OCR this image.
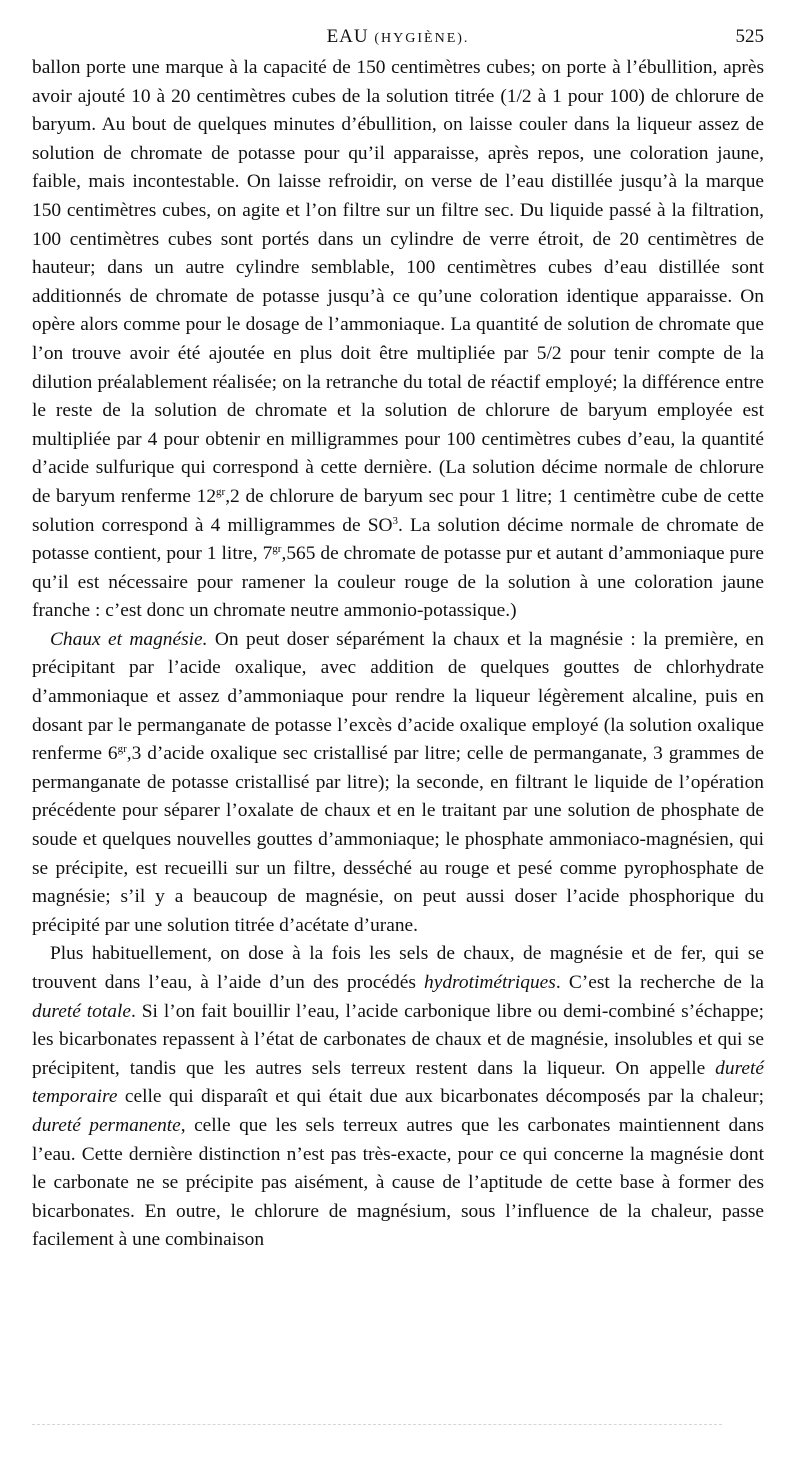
EAU (HYGIÈNE).	525

ballon porte une marque à la capacité de 150 centimètres cubes; on porte à l’ébullition, après avoir ajouté 10 à 20 centimètres cubes de la solution titrée (1/2 à 1 pour 100) de chlorure de baryum. Au bout de quelques minutes d’ébullition, on laisse couler dans la liqueur assez de solution de chromate de potasse pour qu’il apparaisse, après repos, une coloration jaune, faible, mais incontestable. On laisse refroidir, on verse de l’eau distillée jusqu’à la marque 150 centimètres cubes, on agite et l’on filtre sur un filtre sec. Du liquide passé à la filtration, 100 centimètres cubes sont portés dans un cylindre de verre étroit, de 20 centimètres de hauteur; dans un autre cylindre semblable, 100 centimètres cubes d’eau distillée sont additionnés de chromate de potasse jusqu’à ce qu’une coloration identique apparaisse. On opère alors comme pour le dosage de l’ammoniaque. La quantité de solution de chromate que l’on trouve avoir été ajoutée en plus doit être multipliée par 5/2 pour tenir compte de la dilution préalablement réalisée; on la retranche du total de réactif employé; la différence entre le reste de la solution de chromate et la solution de chlorure de baryum employée est multipliée par 4 pour obtenir en milligrammes pour 100 centimètres cubes d’eau, la quantité d’acide sulfurique qui correspond à cette dernière. (La solution décime normale de chlorure de baryum renferme $12^{gr},2$ de chlorure de baryum sec pour 1 litre; 1 centimètre cube de cette solution correspond à 4 milligrammes de $SO^3$. La solution décime normale de chromate de potasse contient, pour 1 litre, $7^{gr},565$ de chromate de potasse pur et autant d’ammoniaque pure qu’il est nécessaire pour ramener la couleur rouge de la solution à une coloration jaune franche : c’est donc un chromate neutre ammonio-potassique.)

Chaux et magnésie. On peut doser séparément la chaux et la magnésie : la première, en précipitant par l’acide oxalique, avec addition de quelques gouttes de chlorhydrate d’ammoniaque et assez d’ammoniaque pour rendre la liqueur légèrement alcaline, puis en dosant par le permanganate de potasse l’excès d’acide oxalique employé (la solution oxalique renferme $6^{gr},3$ d’acide oxalique sec cristallisé par litre; celle de permanganate, 3 grammes de permanganate de potasse cristallisé par litre); la seconde, en filtrant le liquide de l’opération précédente pour séparer l’oxalate de chaux et en le traitant par une solution de phosphate de soude et quelques nouvelles gouttes d’ammoniaque; le phosphate ammoniaco-magnésien, qui se précipite, est recueilli sur un filtre, desséché au rouge et pesé comme pyrophosphate de magnésie; s’il y a beaucoup de magnésie, on peut aussi doser l’acide phosphorique du précipité par une solution titrée d’acétate d’urane.

Plus habituellement, on dose à la fois les sels de chaux, de magnésie et de fer, qui se trouvent dans l’eau, à l’aide d’un des procédés hydrotimétriques. C’est la recherche de la dureté totale. Si l’on fait bouillir l’eau, l’acide carbonique libre ou demi-combiné s’échappe; les bicarbonates repassent à l’état de carbonates de chaux et de magnésie, insolubles et qui se précipitent, tandis que les autres sels terreux restent dans la liqueur. On appelle dureté temporaire celle qui disparaît et qui était due aux bicarbonates décomposés par la chaleur; dureté permanente, celle que les sels terreux autres que les carbonates maintiennent dans l’eau. Cette dernière distinction n’est pas très-exacte, pour ce qui concerne la magnésie dont le carbonate ne se précipite pas aisément, à cause de l’aptitude de cette base à former des bicarbonates. En outre, le chlorure de magnésium, sous l’influence de la chaleur, passe facilement à une combinaison
